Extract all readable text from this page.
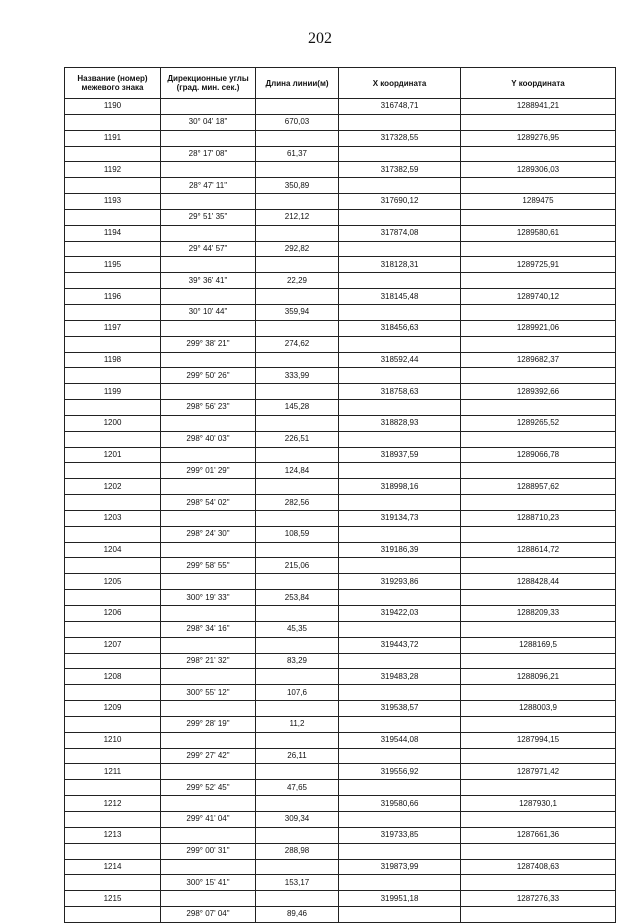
202
Название (номер) межевого знака	Дирекционные углы (град. мин. сек.)	Длина линии(м)	X координата	Y координата
1190			316748,71	1288941,21
	30° 04' 18"	670,03		
1191			317328,55	1289276,95
	28° 17' 08"	61,37		
1192			317382,59	1289306,03
	28° 47' 11"	350,89		
1193			317690,12	1289475
	29° 51' 35"	212,12		
1194			317874,08	1289580,61
	29° 44' 57"	292,82		
1195			318128,31	1289725,91
	39° 36' 41"	22,29		
1196			318145,48	1289740,12
	30° 10' 44"	359,94		
1197			318456,63	1289921,06
	299° 38' 21"	274,62		
1198			318592,44	1289682,37
	299° 50' 26"	333,99		
1199			318758,63	1289392,66
	298° 56' 23"	145,28		
1200			318828,93	1289265,52
	298° 40' 03"	226,51		
1201			318937,59	1289066,78
	299° 01' 29"	124,84		
1202			318998,16	1288957,62
	298° 54' 02"	282,56		
1203			319134,73	1288710,23
	298° 24' 30"	108,59		
1204			319186,39	1288614,72
	299° 58' 55"	215,06		
1205			319293,86	1288428,44
	300° 19' 33"	253,84		
1206			319422,03	1288209,33
	298° 34' 16"	45,35		
1207			319443,72	1288169,5
	298° 21' 32"	83,29		
1208			319483,28	1288096,21
	300° 55' 12"	107,6		
1209			319538,57	1288003,9
	299° 28' 19"	11,2		
1210			319544,08	1287994,15
	299° 27' 42"	26,11		
1211			319556,92	1287971,42
	299° 52' 45"	47,65		
1212			319580,66	1287930,1
	299° 41' 04"	309,34		
1213			319733,85	1287661,36
	299° 00' 31"	288,98		
1214			319873,99	1287408,63
	300° 15' 41"	153,17		
1215			319951,18	1287276,33
	298° 07' 04"	89,46		
